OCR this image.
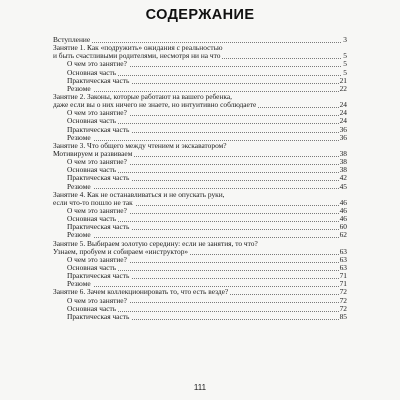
СОДЕРЖАНИЕ
Вступление	3
Занятие 1. Как «подружить» ожидания с реальностью
и быть счастливыми родителями, несмотря ни на что	5
О чем это занятие?	5
Основная часть	5
Практическая часть	21
Резюме	22
Занятие 2. Законы, которые работают на вашего ребенка,
даже если вы о них ничего не знаете, но интуитивно соблюдаете	24
О чем это занятие?	24
Основная часть	24
Практическая часть	36
Резюме	36
Занятие 3. Что общего между чтением и экскаватором?
Мотивируем и развиваем	38
О чем это занятие?	38
Основная часть	38
Практическая часть	42
Резюме	45
Занятие 4. Как не останавливаться и не опускать руки,
если что-то пошло не так	46
О чем это занятие?	46
Основная часть	46
Практическая часть	60
Резюме	62
Занятие 5. Выбираем золотую середину: если не занятия, то что?
Узнаем, пробуем и собираем «инструктор»	63
О чем это занятие?	63
Основная часть	63
Практическая часть	71
Резюме	71
Занятие 6. Зачем коллекционировать то, что есть везде?	72
О чем это занятие?	72
Основная часть	72
Практическая часть	85
111
